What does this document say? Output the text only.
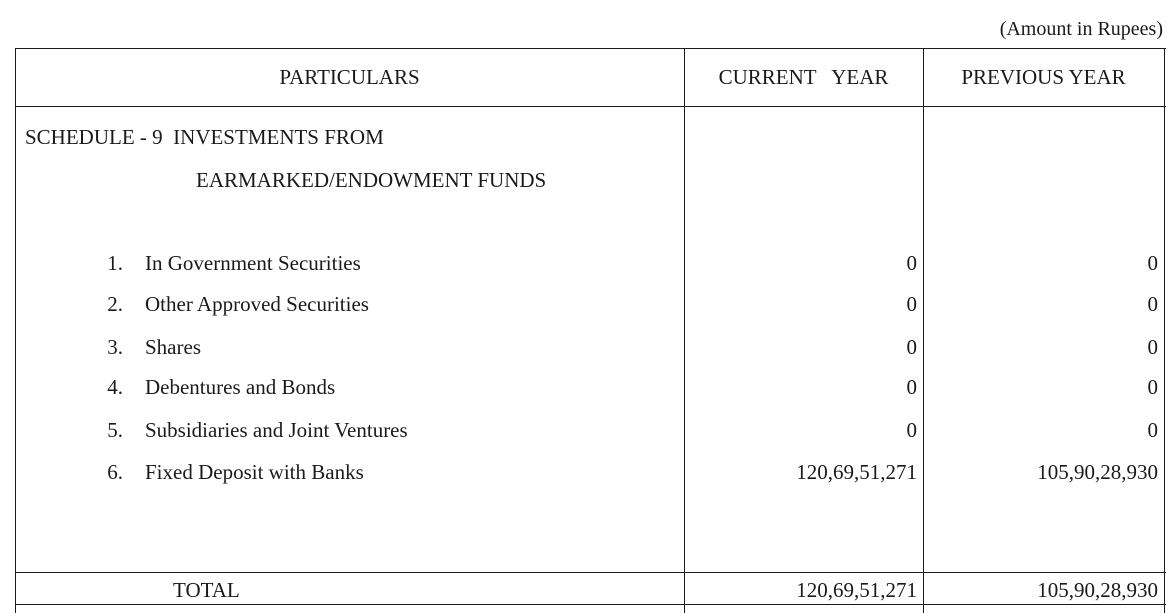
(Amount in Rupees)
PARTICULARS	CURRENT   YEAR	PREVIOUS YEAR
SCHEDULE - 9  INVESTMENTS FROM
EARMARKED/ENDOWMENT FUNDS
1. In Government Securities	0	0
2. Other Approved Securities	0	0
3. Shares	0	0
4. Debentures and Bonds	0	0
5. Subsidiaries and Joint Ventures	0	0
6. Fixed Deposit with Banks	120,69,51,271	105,90,28,930
TOTAL	120,69,51,271	105,90,28,930
